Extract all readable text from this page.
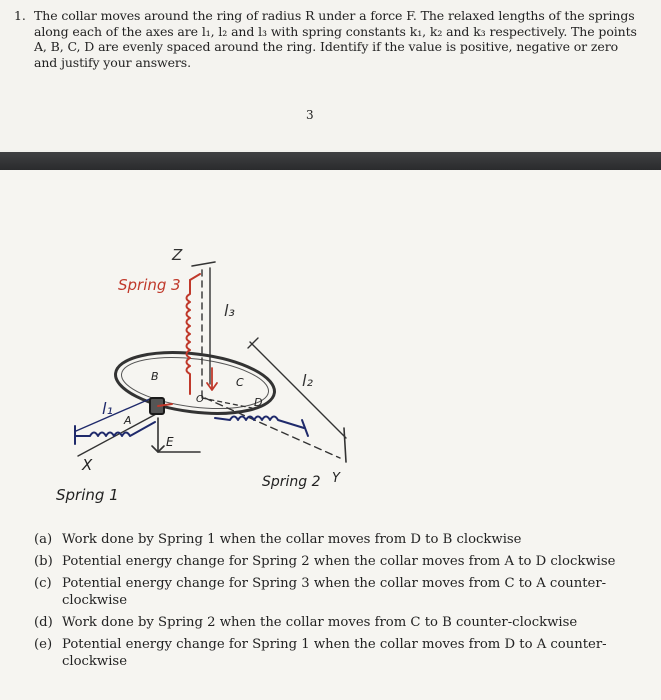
1. The collar moves around the ring of radius R under a force F. The relaxed lengths of the springs along each of the axes are l₁, l₂ and l₃ with spring constants k₁, k₂ and k₃ respectively. The points A, B, C, D are evenly spaced around the ring. Identify if the value is positive, negative or zero and justify your answers.
3
Spring 3
Z
l₃
l₂
l₁
B	C
D
A
E
O
X
Spring 1
Spring 2 Y
(a) Work done by Spring 1 when the collar moves from D to B clockwise
(b) Potential energy change for Spring 2 when the collar moves from A to D clockwise
(c) Potential energy change for Spring 3 when the collar moves from C to A counter-clockwise
(d) Work done by Spring 2 when the collar moves from C to B counter-clockwise
(e) Potential energy change for Spring 1 when the collar moves from D to A counter-clockwise
